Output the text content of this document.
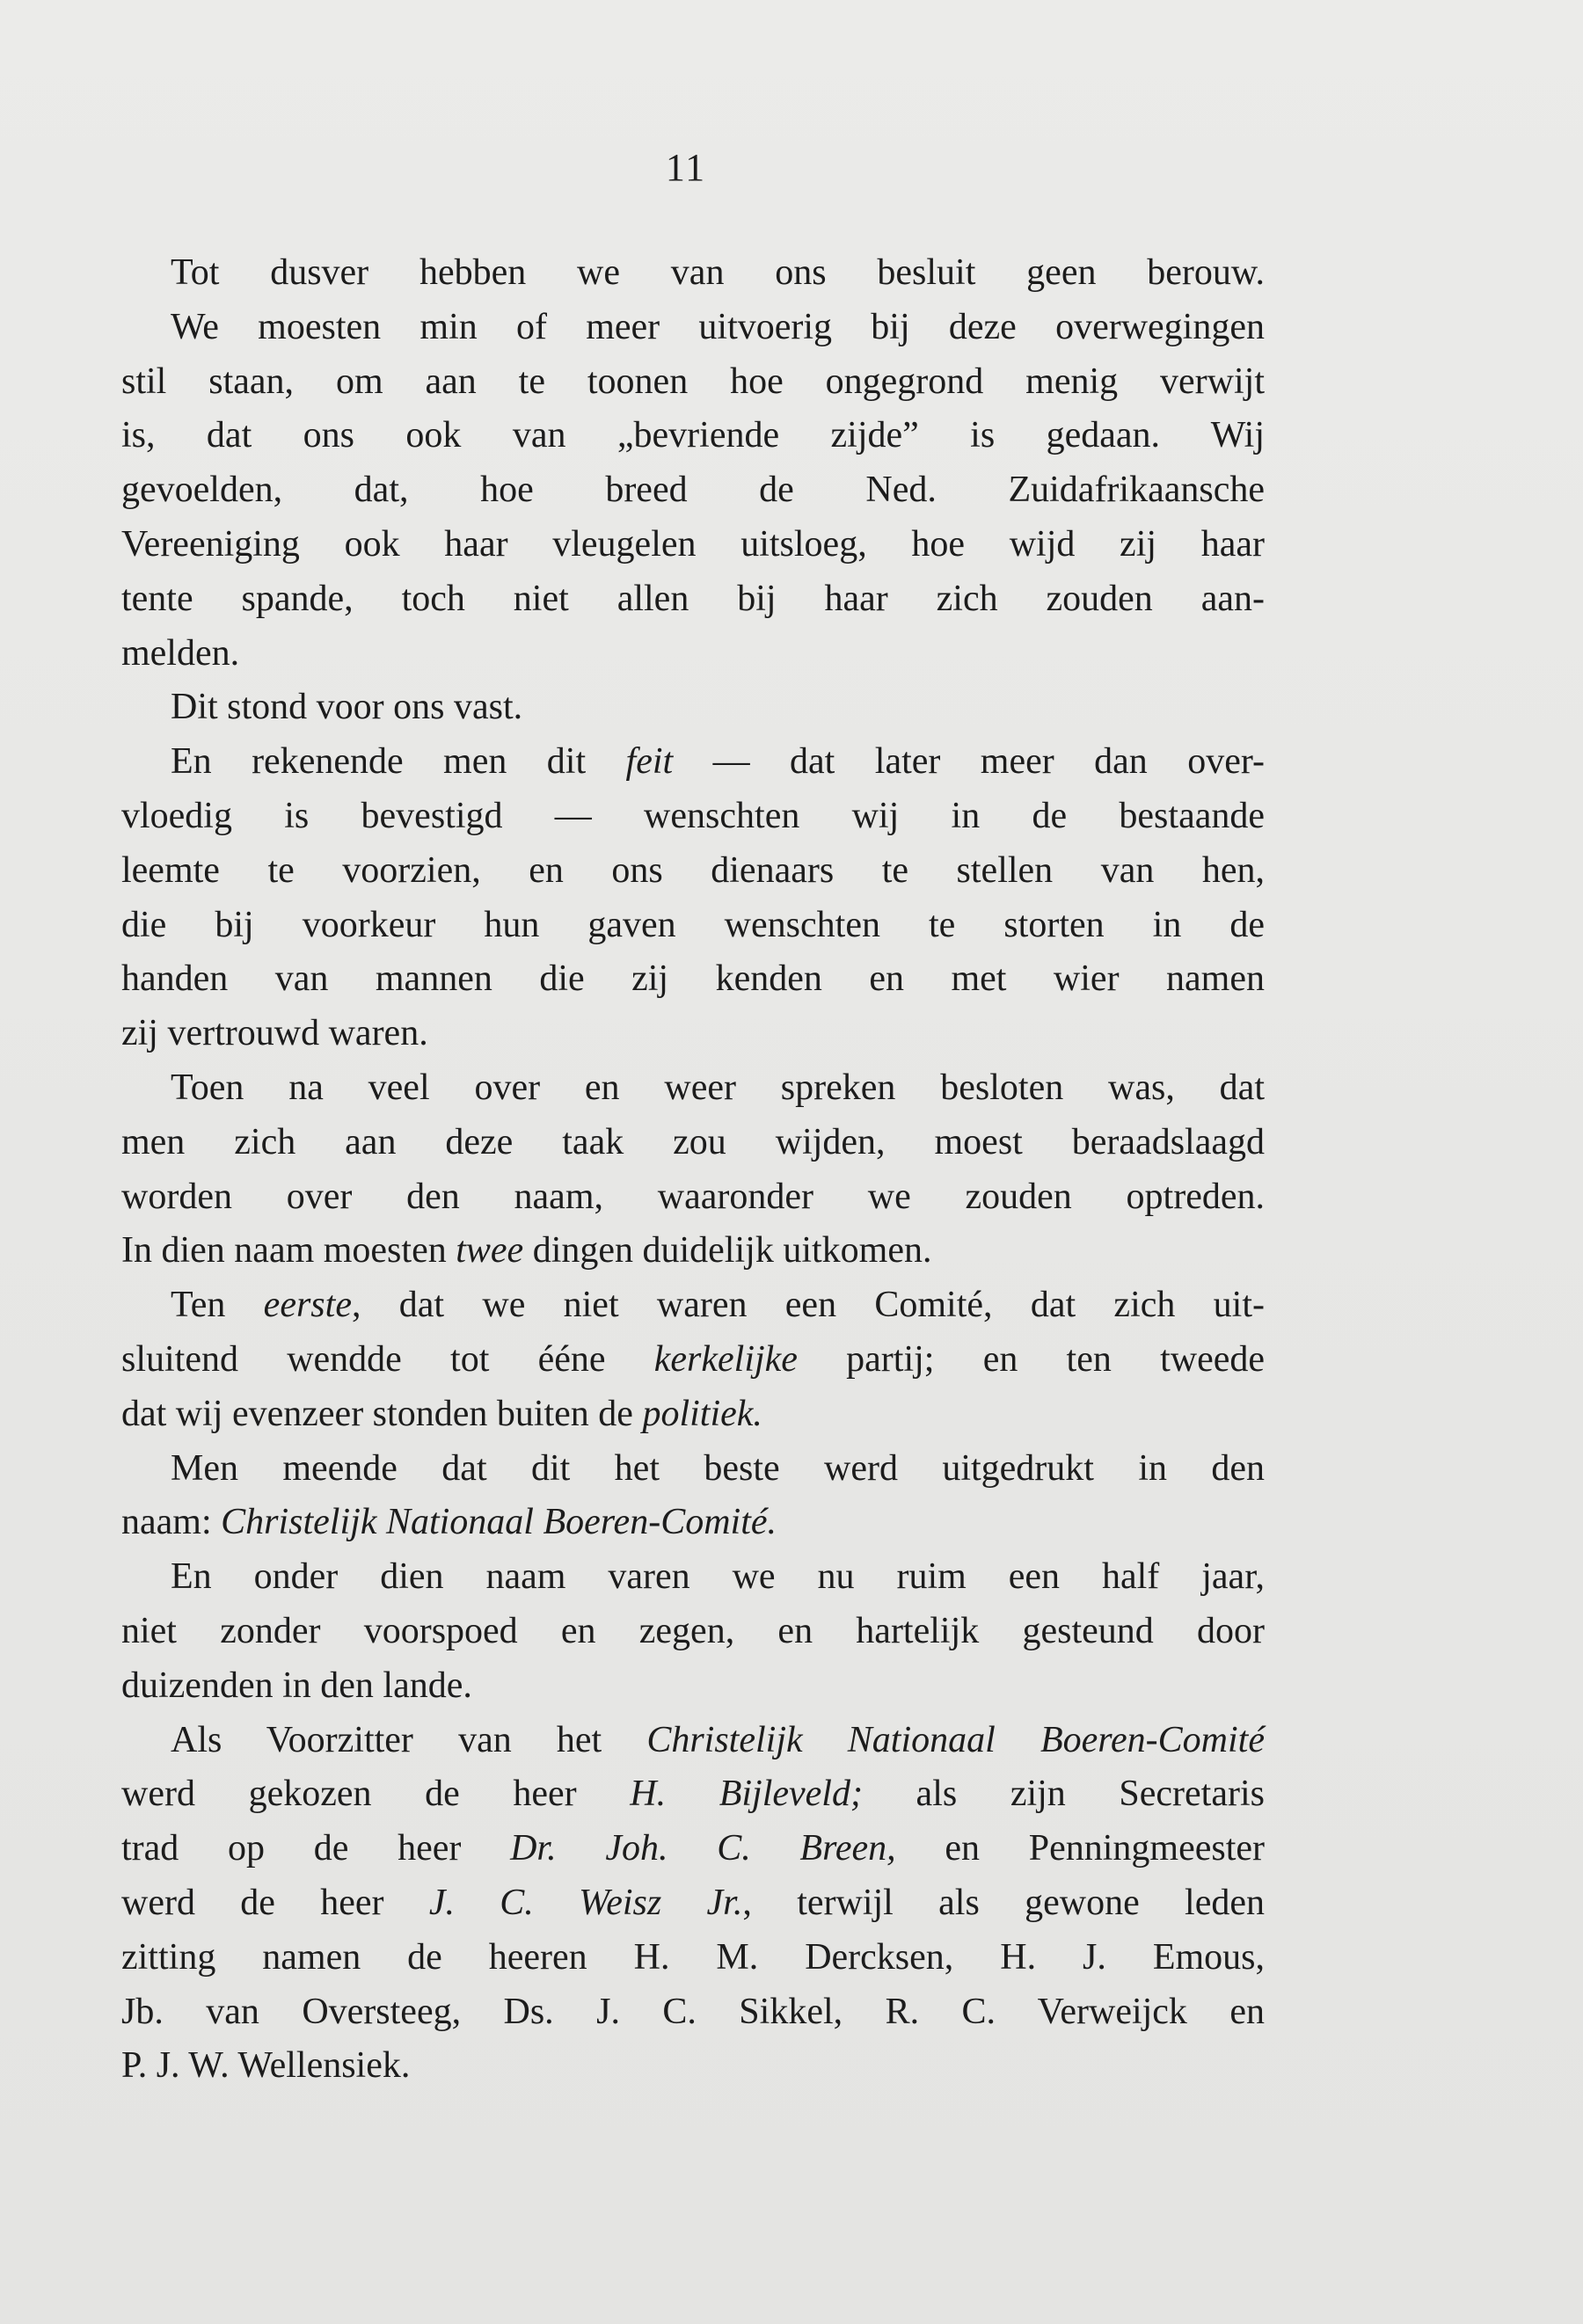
11
Tot dusver hebben we van ons besluit geen berouw.
We moesten min of meer uitvoerig bij deze overwegingen
stil staan, om aan te toonen hoe ongegrond menig verwijt
is, dat ons ook van „bevriende zijde” is gedaan. Wij
gevoelden, dat, hoe breed de Ned. Zuidafrikaansche
Vereeniging ook haar vleugelen uitsloeg, hoe wijd zij haar
tente spande, toch niet allen bij haar zich zouden aan-
melden.
Dit stond voor ons vast.
En rekenende men dit feit — dat later meer dan over-
vloedig is bevestigd — wenschten wij in de bestaande
leemte te voorzien, en ons dienaars te stellen van hen,
die bij voorkeur hun gaven wenschten te storten in de
handen van mannen die zij kenden en met wier namen
zij vertrouwd waren.
Toen na veel over en weer spreken besloten was, dat
men zich aan deze taak zou wijden, moest beraadslaagd
worden over den naam, waaronder we zouden optreden.
In dien naam moesten twee dingen duidelijk uitkomen.
Ten eerste, dat we niet waren een Comité, dat zich uit-
sluitend wendde tot ééne kerkelijke partij; en ten tweede
dat wij evenzeer stonden buiten de politiek.
Men meende dat dit het beste werd uitgedrukt in den
naam: Christelijk Nationaal Boeren-Comité.
En onder dien naam varen we nu ruim een half jaar,
niet zonder voorspoed en zegen, en hartelijk gesteund door
duizenden in den lande.
Als Voorzitter van het Christelijk Nationaal Boeren-Comité
werd gekozen de heer H. Bijleveld; als zijn Secretaris
trad op de heer Dr. Joh. C. Breen, en Penningmeester
werd de heer J. C. Weisz Jr., terwijl als gewone leden
zitting namen de heeren H. M. Dercksen, H. J. Emous,
Jb. van Oversteeg, Ds. J. C. Sikkel, R. C. Verweijck en
P. J. W. Wellensiek.
